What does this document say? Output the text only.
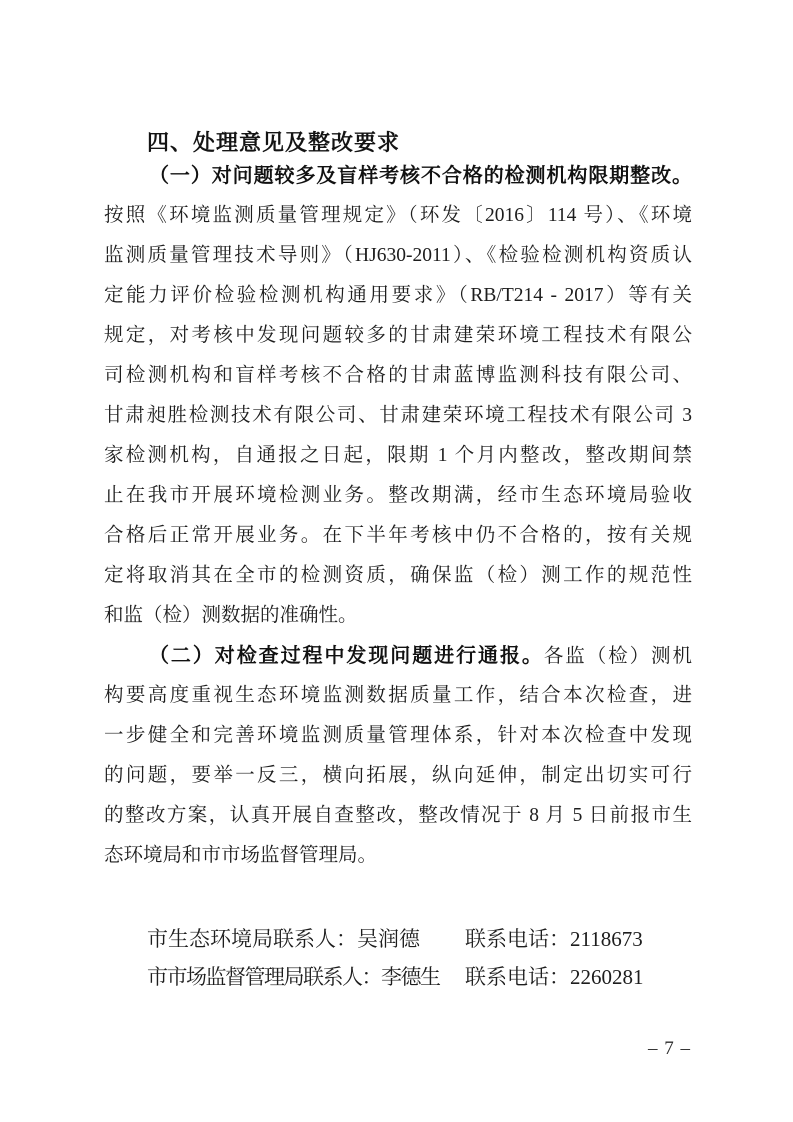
四、处理意见及整改要求
（一）对问题较多及盲样考核不合格的检测机构限期整改。
按照《环境监测质量管理规定》（环发〔2016〕114 号）、《环境
监测质量管理技术导则》（HJ630-2011）、《检验检测机构资质认
定能力评价检验检测机构通用要求》（RB/T214 - 2017）等有关
规定，对考核中发现问题较多的甘肃建荣环境工程技术有限公
司检测机构和盲样考核不合格的甘肃蓝博监测科技有限公司、
甘肃昶胜检测技术有限公司、甘肃建荣环境工程技术有限公司 3
家检测机构，自通报之日起，限期 1 个月内整改，整改期间禁
止在我市开展环境检测业务。整改期满，经市生态环境局验收
合格后正常开展业务。在下半年考核中仍不合格的，按有关规
定将取消其在全市的检测资质，确保监（检）测工作的规范性
和监（检）测数据的准确性。
（二）对检查过程中发现问题进行通报。各监（检）测机
构要高度重视生态环境监测数据质量工作，结合本次检查，进
一步健全和完善环境监测质量管理体系，针对本次检查中发现
的问题，要举一反三，横向拓展，纵向延伸，制定出切实可行
的整改方案，认真开展自查整改，整改情况于 8 月 5 日前报市生
态环境局和市市场监督管理局。
市生态环境局联系人：吴润德	联系电话：2118673
市市场监督管理局联系人：李德生	联系电话：2260281
– 7 –
